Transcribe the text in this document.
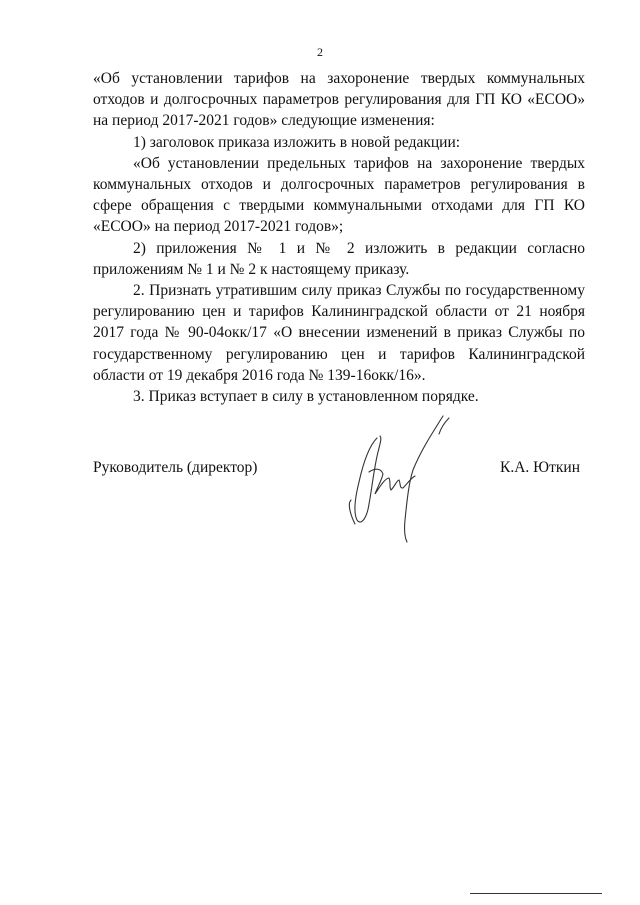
2

«Об установлении тарифов на захоронение твердых коммунальных отходов и долгосрочных параметров регулирования для ГП КО «ЕСОО» на период 2017-2021 годов» следующие изменения:

1) заголовок приказа изложить в новой редакции:

«Об установлении предельных тарифов на захоронение твердых коммунальных отходов и долгосрочных параметров регулирования в сфере обращения с твердыми коммунальными отходами для ГП КО «ЕСОО» на период 2017-2021 годов»;

2) приложения № 1 и № 2 изложить в редакции согласно приложениям № 1 и № 2 к настоящему приказу.

2. Признать утратившим силу приказ Службы по государственному регулированию цен и тарифов Калининградской области от 21 ноября 2017 года № 90-04окк/17 «О внесении изменений в приказ Службы по государственному регулированию цен и тарифов Калининградской области от 19 декабря 2016 года № 139-16окк/16».

3. Приказ вступает в силу в установленном порядке.

Руководитель (директор)	К.А. Юткин
